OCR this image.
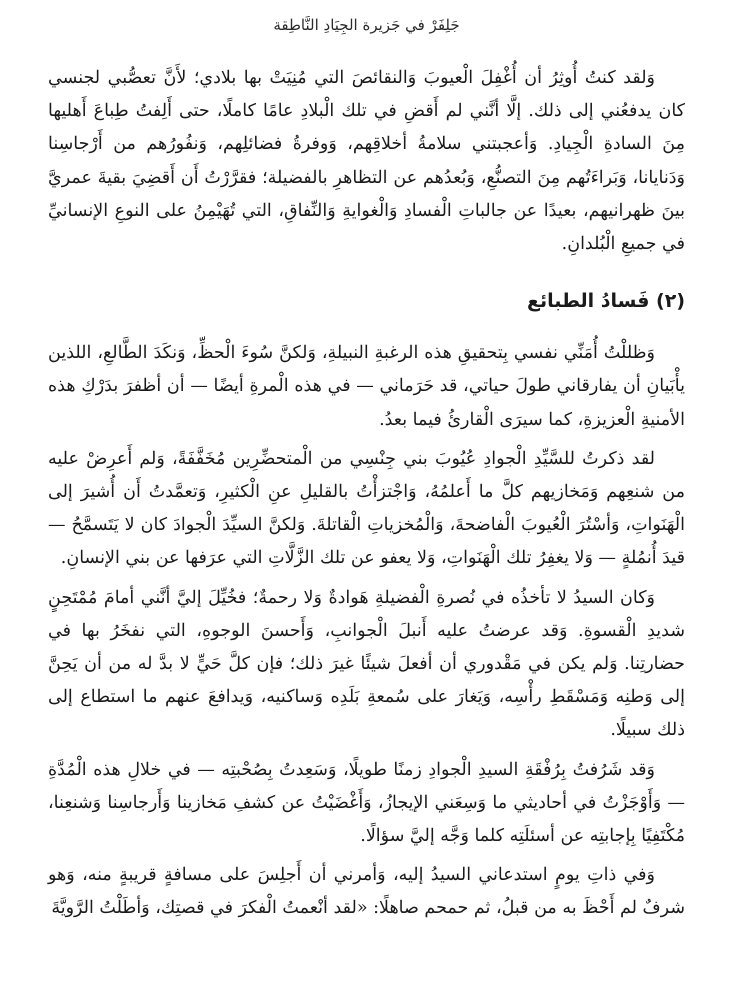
جَلِفَرْ في جَزيرة الجِيَادِ النَّاطِقة

وَلقد كنتُ أُوثِرُ أن أُغْفِلَ الْعيوبَ وَالنقائصَ التي مُنِيَتْ بها بلادي؛ لأَنَّ تعصُّبي لجنسي كان يدفعُني إلى ذلك. إلَّا أنَّني لم أَقضِ في تلك الْبلادِ عامًا كاملًا، حتى أَلِفتُ طِباعَ أَهليها مِنَ السادةِ الْجِيادِ. وَأعجبتني سلامةُ أخلاقِهم، وَوفرةُ فضائلِهم، وَنفُورُهم من أَرْجاسِنا وَدَنايانا، وَبَراءَتُهم مِنَ التصنُّعِ، وَبُعدُهم عن التظاهرِ بالفضيلة؛ فقرَّرْتُ أَن أَقضِيَ بقيةَ عمريَّ بينَ ظهرانيهم، بعيدًا عن جالباتِ الْفسادِ وَالْغوايةِ وَالنِّفاقِ، التي تُهَيْمِنُ على النوعِ الإنسانيِّ في جميعِ الْبُلدانِ.

(٢) فَسادُ الطبائع

وَظللْتُ أُمَنِّي نفسي بِتحقيقِ هذه الرغبةِ النبيلةِ، وَلكنَّ سُوءَ الْحظِّ، وَنكَدَ الطَّالعِ، اللذين يأْبَيانِ أن يفارقاني طولَ حياتي، قد حَرَماني — في هذه الْمرةِ أيضًا — أن أظفرَ بدَرْكِ هذه الأمنيةِ الْعزيزةِ، كما سيرَى الْقارئُ فيما بعدُ.

لقد ذكرتُ للسَّيِّدِ الْجوادِ عُيُوبَ بني جِنْسِي من الْمتحضِّرِين مُخَفَّفَةً، وَلم أَعرِضْ عليه من شنعِهم وَمَخازيهم كلَّ ما أَعلمُهُ، وَاجْتزأْتُ بالقليلِ عنِ الْكثيرِ، وَتعمَّدتُ أَن أُشيرَ إلى الْهَنَواتِ، وَأسْتُرَ الْعُيوبَ الْفاضحةَ، وَالْمُخزياتِ الْقاتلةَ. وَلكنَّ السيِّدَ الْجوادَ كان لا يَتَسمَّحُ — قيدَ أُنمُلةٍ — وَلا يغفِرُ تلك الْهَنَواتِ، وَلا يعفو عن تلك الزَّلَّاتِ التي عرَفها عن بني الإنسانِ.

وَكان السيدُ لا تأخذُه في نُصرةِ الْفضيلةِ هَوادةٌ وَلا رحمةٌ؛ فخُيِّلَ إليَّ أنَّني أمامَ مُمْتَحِنٍ شديدِ الْقسوةِ. وَقد عرضتُ عليه أَنبلَ الْجوانبِ، وَأَحسنَ الوجوهِ، التي نفخَرُ بها في حضارتِنا. وَلم يكن في مَقْدوري أن أفعلَ شيئًا غيرَ ذلك؛ فإن كلَّ حَيٍّ لا بدَّ له من أن يَحِنَّ إلى وَطنِه وَمَسْقَطِ رأْسِه، وَيَغارَ على سُمعةِ بَلَدِه وَساكنيه، وَيدافعَ عنهم ما استطاع إلى ذلك سبيلًا.

وَقد شَرُفتُ بِرُفْقَةِ السيدِ الْجوادِ زمنًا طويلًا، وَسَعِدتُ بِصُحْبتِه — في خلالِ هذه الْمُدَّةِ — وَأَوْجَزْتُ في أحاديثي ما وَسِعَني الإيجازُ، وَأَغْضَيْتُ عن كشفِ مَخازينا وَأَرجاسِنا وَشنعِنا، مُكْتَفِيًا بِإجابتِه عن أسئلَتِه كلما وَجَّه إليَّ سؤالًا.

وَفي ذاتِ يومٍ استدعاني السيدُ إليه، وَأمرني أن أَجلِسَ على مسافةٍ قريبةٍ منه، وَهو شرفٌ لم أَحْظَ به من قبلُ، ثم حمحم صاهلًا: «لقد أنْعمتُ الْفكرَ في قصتِك، وَأطَلْتُ الرَّويَّةَ
